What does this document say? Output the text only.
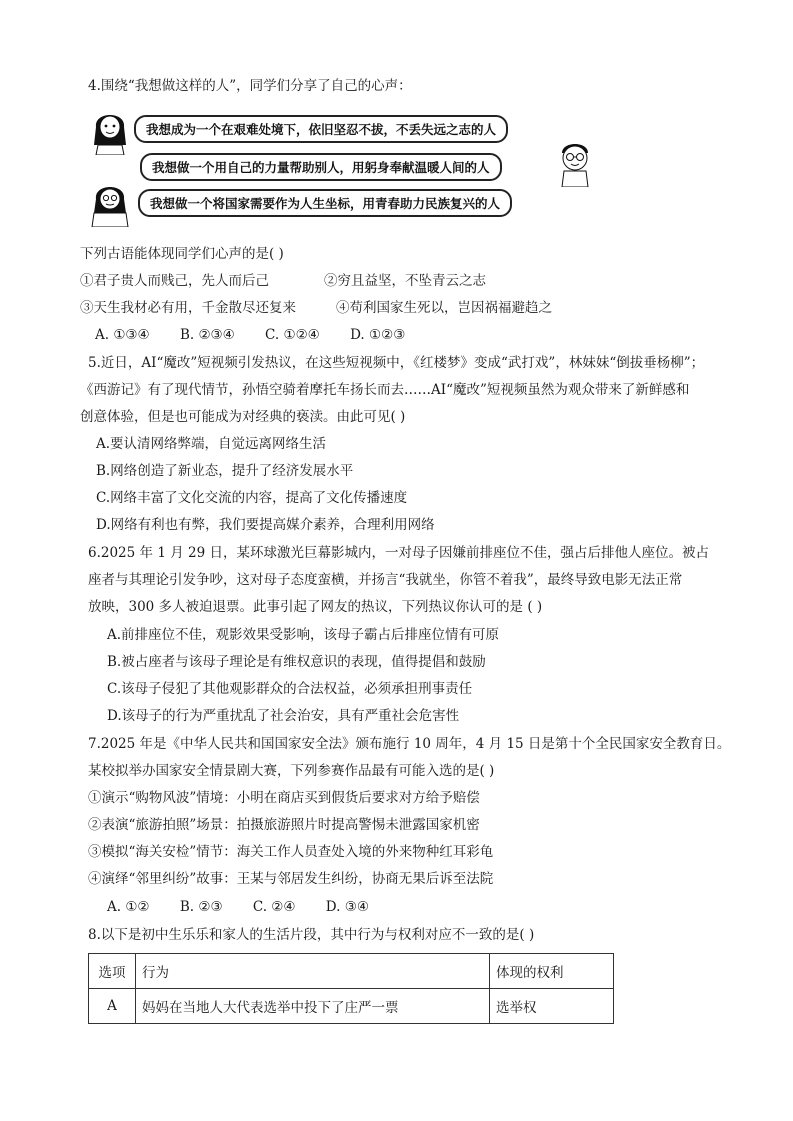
4.围绕“我想做这样的人”，同学们分享了自己的心声：
我想成为一个在艰难处境下，依旧坚忍不拔，不丢失远之志的人
我想做一个用自己的力量帮助别人，用躬身奉献温暖人间的人
我想做一个将国家需要作为人生坐标，用青春助力民族复兴的人
下列古语能体现同学们心声的是( )
①君子贵人而贱己，先人而后己	②穷且益坚，不坠青云之志
③天生我材必有用，千金散尽还复来	④苟利国家生死以，岂因祸福避趋之
A. ①③④ B. ②③④ C. ①②④ D. ①②③
5.近日，AI“魔改”短视频引发热议，在这些短视频中，《红楼梦》变成“武打戏”，林妹妹“倒拔垂杨柳”；
《西游记》有了现代情节，孙悟空骑着摩托车扬长而去……AI“魔改”短视频虽然为观众带来了新鲜感和
创意体验，但是也可能成为对经典的亵渎。由此可见( )
A.要认清网络弊端，自觉远离网络生活
B.网络创造了新业态，提升了经济发展水平
C.网络丰富了文化交流的内容，提高了文化传播速度
D.网络有利也有弊，我们要提高媒介素养，合理利用网络
6.2025 年 1 月 29 日，某环球激光巨幕影城内，一对母子因嫌前排座位不佳，强占后排他人座位。被占
座者与其理论引发争吵，这对母子态度蛮横，并扬言“我就坐，你管不着我”，最终导致电影无法正常
放映，300 多人被迫退票。此事引起了网友的热议，下列热议你认可的是 ( )
A.前排座位不佳，观影效果受影响，该母子霸占后排座位情有可原
B.被占座者与该母子理论是有维权意识的表现，值得提倡和鼓励
C.该母子侵犯了其他观影群众的合法权益，必须承担刑事责任
D.该母子的行为严重扰乱了社会治安，具有严重社会危害性
7.2025 年是《中华人民共和国国家安全法》颁布施行 10 周年，4 月 15 日是第十个全民国家安全教育日。
某校拟举办国家安全情景剧大赛，下列参赛作品最有可能入选的是( )
①演示“购物风波”情境：小明在商店买到假货后要求对方给予赔偿
②表演“旅游拍照”场景：拍摄旅游照片时提高警惕未泄露国家机密
③模拟“海关安检”情节：海关工作人员查处入境的外来物种红耳彩龟
④演绎“邻里纠纷”故事：王某与邻居发生纠纷，协商无果后诉至法院
A. ①② B. ②③ C. ②④ D. ③④
8.以下是初中生乐乐和家人的生活片段，其中行为与权利对应不一致的是( )
选项	行为	体现的权利
A	妈妈在当地人大代表选举中投下了庄严一票	选举权
